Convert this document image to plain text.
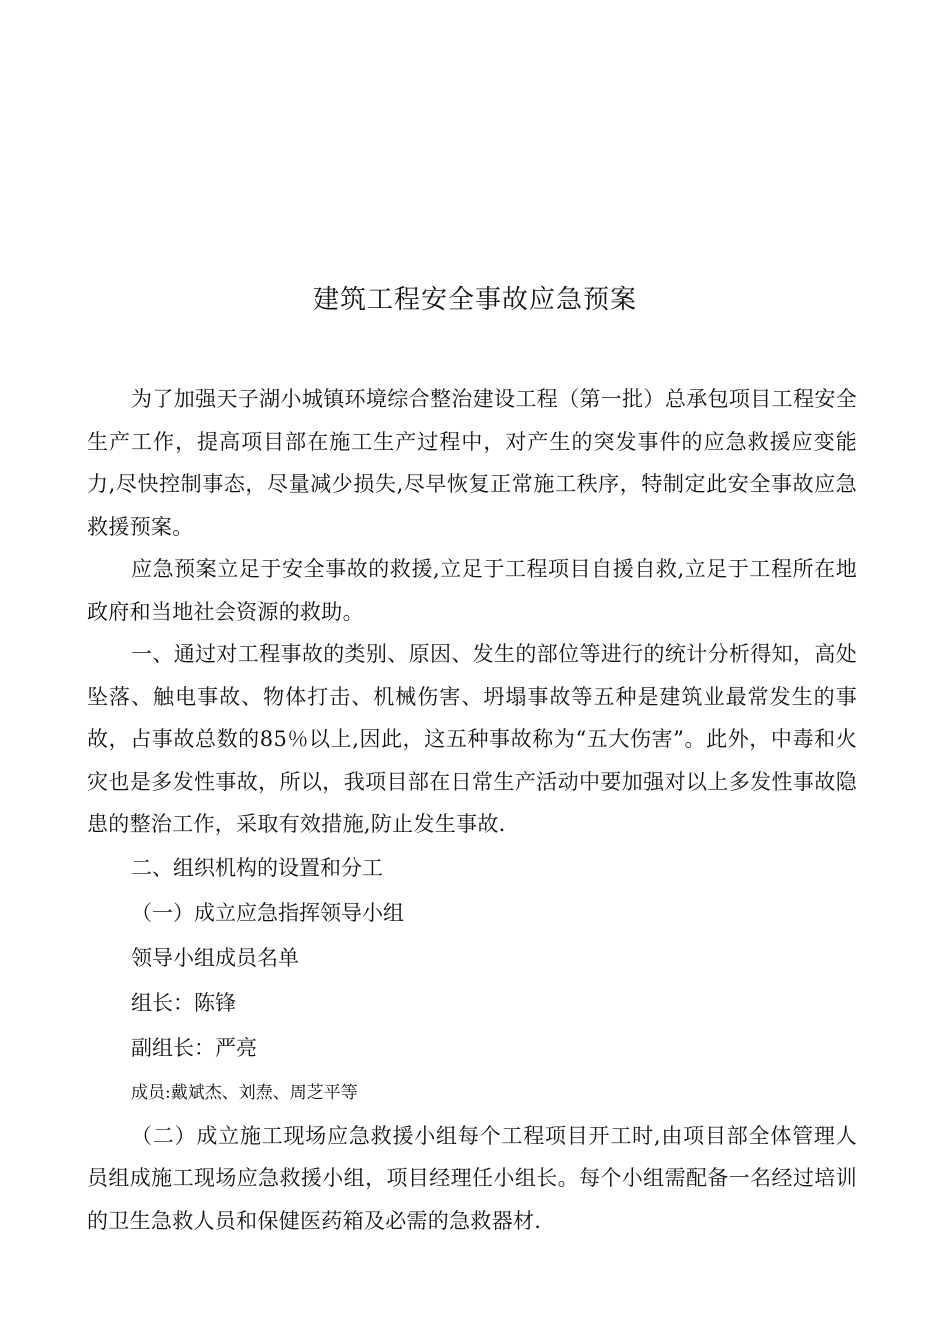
建筑工程安全事故应急预案

为了加强天子湖小城镇环境综合整治建设工程（第一批）总承包项目工程安全生产工作，提高项目部在施工生产过程中，对产生的突发事件的应急救援应变能力,尽快控制事态，尽量减少损失,尽早恢复正常施工秩序，特制定此安全事故应急救援预案。

应急预案立足于安全事故的救援,立足于工程项目自援自救,立足于工程所在地政府和当地社会资源的救助。

一、通过对工程事故的类别、原因、发生的部位等进行的统计分析得知，高处坠落、触电事故、物体打击、机械伤害、坍塌事故等五种是建筑业最常发生的事故，占事故总数的85％以上,因此，这五种事故称为“五大伤害”。此外，中毒和火灾也是多发性事故，所以，我项目部在日常生产活动中要加强对以上多发性事故隐患的整治工作，采取有效措施,防止发生事故.

二、组织机构的设置和分工

（一）成立应急指挥领导小组

领导小组成员名单

组长：陈锋

副组长：严亮

成员:戴斌杰、刘焘、周芝平等

（二）成立施工现场应急救援小组每个工程项目开工时,由项目部全体管理人员组成施工现场应急救援小组，项目经理任小组长。每个小组需配备一名经过培训的卫生急救人员和保健医药箱及必需的急救器材.
